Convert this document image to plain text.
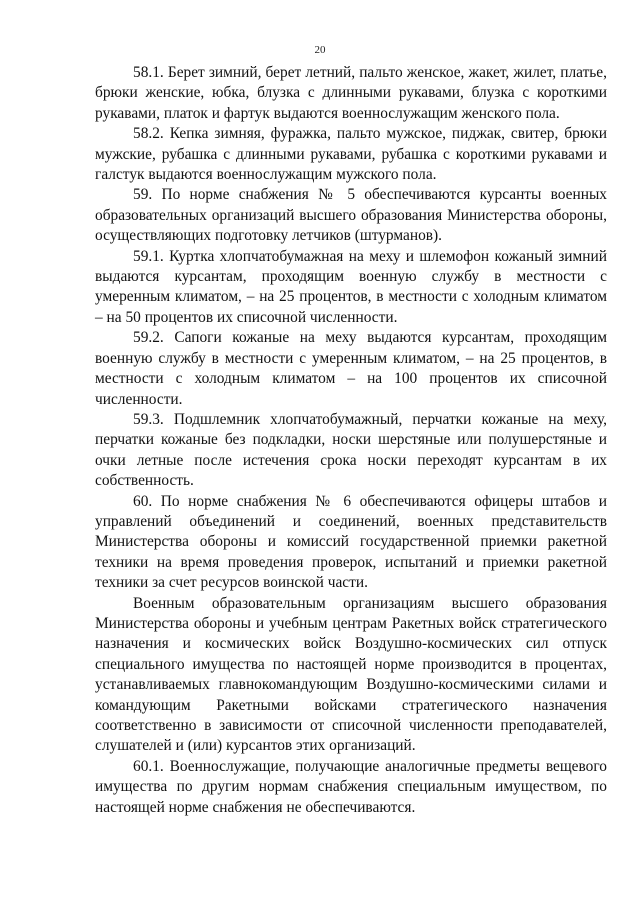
20

58.1. Берет зимний, берет летний, пальто женское, жакет, жилет, платье, брюки женские, юбка, блузка с длинными рукавами, блузка с короткими рукавами, платок и фартук выдаются военнослужащим женского пола.

58.2. Кепка зимняя, фуражка, пальто мужское, пиджак, свитер, брюки мужские, рубашка с длинными рукавами, рубашка с короткими рукавами и галстук выдаются военнослужащим мужского пола.

59. По норме снабжения № 5 обеспечиваются курсанты военных образовательных организаций высшего образования Министерства обороны, осуществляющих подготовку летчиков (штурманов).

59.1. Куртка хлопчатобумажная на меху и шлемофон кожаный зимний выдаются курсантам, проходящим военную службу в местности с умеренным климатом, – на 25 процентов, в местности с холодным климатом – на 50 процентов их списочной численности.

59.2. Сапоги кожаные на меху выдаются курсантам, проходящим военную службу в местности с умеренным климатом, – на 25 процентов, в местности с холодным климатом – на 100 процентов их списочной численности.

59.3. Подшлемник хлопчатобумажный, перчатки кожаные на меху, перчатки кожаные без подкладки, носки шерстяные или полушерстяные и очки летные после истечения срока носки переходят курсантам в их собственность.

60. По норме снабжения № 6 обеспечиваются офицеры штабов и управлений объединений и соединений, военных представительств Министерства обороны и комиссий государственной приемки ракетной техники на время проведения проверок, испытаний и приемки ракетной техники за счет ресурсов воинской части.

Военным образовательным организациям высшего образования Министерства обороны и учебным центрам Ракетных войск стратегического назначения и космических войск Воздушно-космических сил отпуск специального имущества по настоящей норме производится в процентах, устанавливаемых главнокомандующим Воздушно-космическими силами и командующим Ракетными войсками стратегического назначения соответственно в зависимости от списочной численности преподавателей, слушателей и (или) курсантов этих организаций.

60.1. Военнослужащие, получающие аналогичные предметы вещевого имущества по другим нормам снабжения специальным имуществом, по настоящей норме снабжения не обеспечиваются.
